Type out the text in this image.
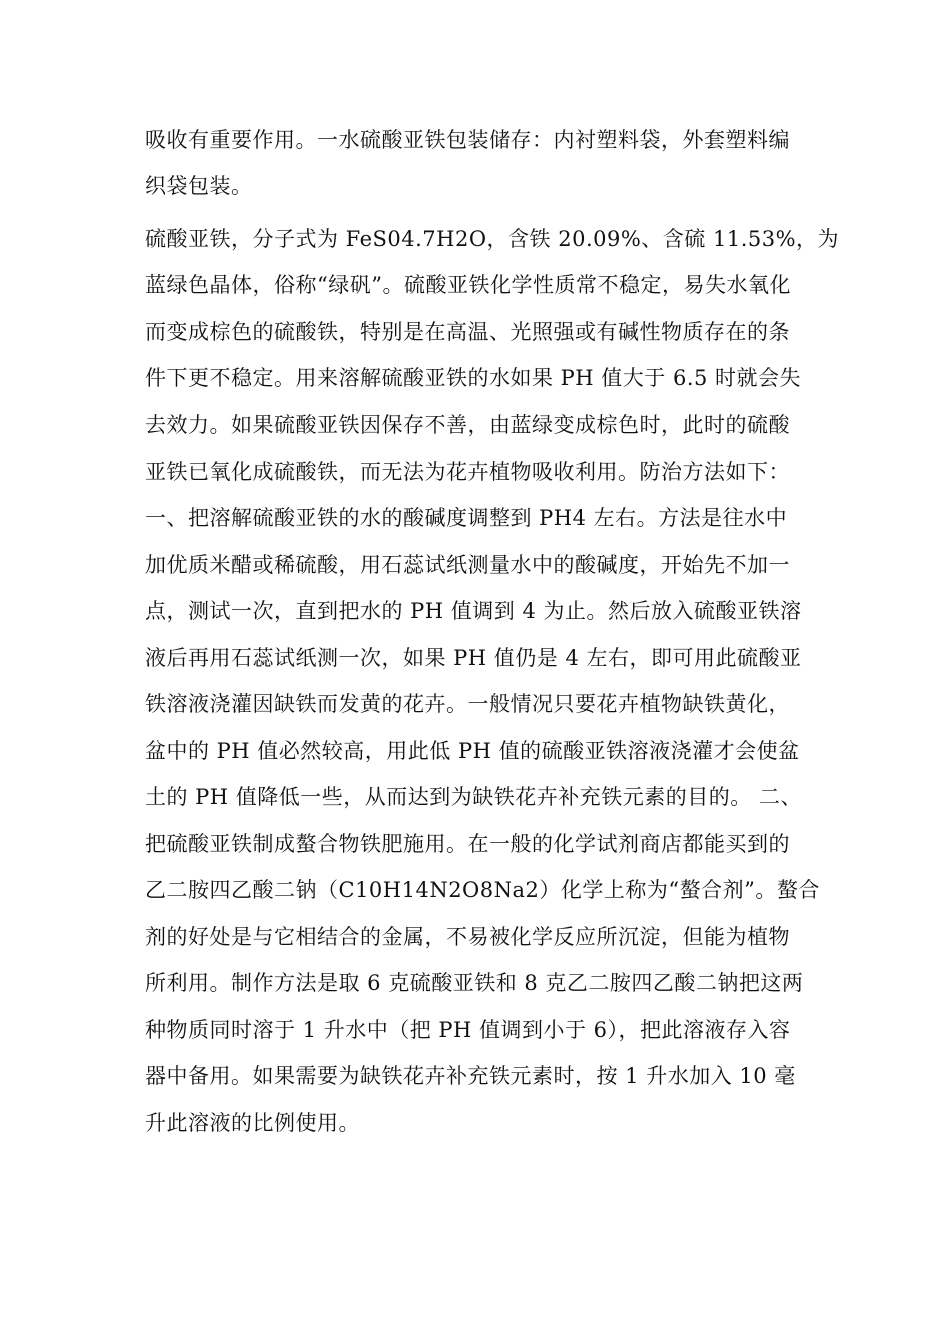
吸收有重要作用。一水硫酸亚铁包装储存：内衬塑料袋，外套塑料编
织袋包装。
硫酸亚铁，分子式为 FeS04.7H2O，含铁 20.09%、含硫 11.53%，为
蓝绿色晶体，俗称“绿矾”。硫酸亚铁化学性质常不稳定，易失水氧化
而变成棕色的硫酸铁，特别是在高温、光照强或有碱性物质存在的条
件下更不稳定。用来溶解硫酸亚铁的水如果 PH 值大于 6.5 时就会失
去效力。如果硫酸亚铁因保存不善，由蓝绿变成棕色时，此时的硫酸
亚铁已氧化成硫酸铁，而无法为花卉植物吸收利用。防治方法如下：
一、把溶解硫酸亚铁的水的酸碱度调整到 PH4 左右。方法是往水中
加优质米醋或稀硫酸，用石蕊试纸测量水中的酸碱度，开始先不加一
点，测试一次，直到把水的 PH 值调到 4 为止。然后放入硫酸亚铁溶
液后再用石蕊试纸测一次，如果 PH 值仍是 4 左右，即可用此硫酸亚
铁溶液浇灌因缺铁而发黄的花卉。一般情况只要花卉植物缺铁黄化，
盆中的 PH 值必然较高，用此低 PH 值的硫酸亚铁溶液浇灌才会使盆
土的 PH 值降低一些，从而达到为缺铁花卉补充铁元素的目的。 二、
把硫酸亚铁制成螯合物铁肥施用。在一般的化学试剂商店都能买到的
乙二胺四乙酸二钠（C10H14N2O8Na2）化学上称为“螯合剂”。螯合
剂的好处是与它相结合的金属，不易被化学反应所沉淀，但能为植物
所利用。制作方法是取 6 克硫酸亚铁和 8 克乙二胺四乙酸二钠把这两
种物质同时溶于 1 升水中（把 PH 值调到小于 6），把此溶液存入容
器中备用。如果需要为缺铁花卉补充铁元素时，按 1 升水加入 10 毫
升此溶液的比例使用。
